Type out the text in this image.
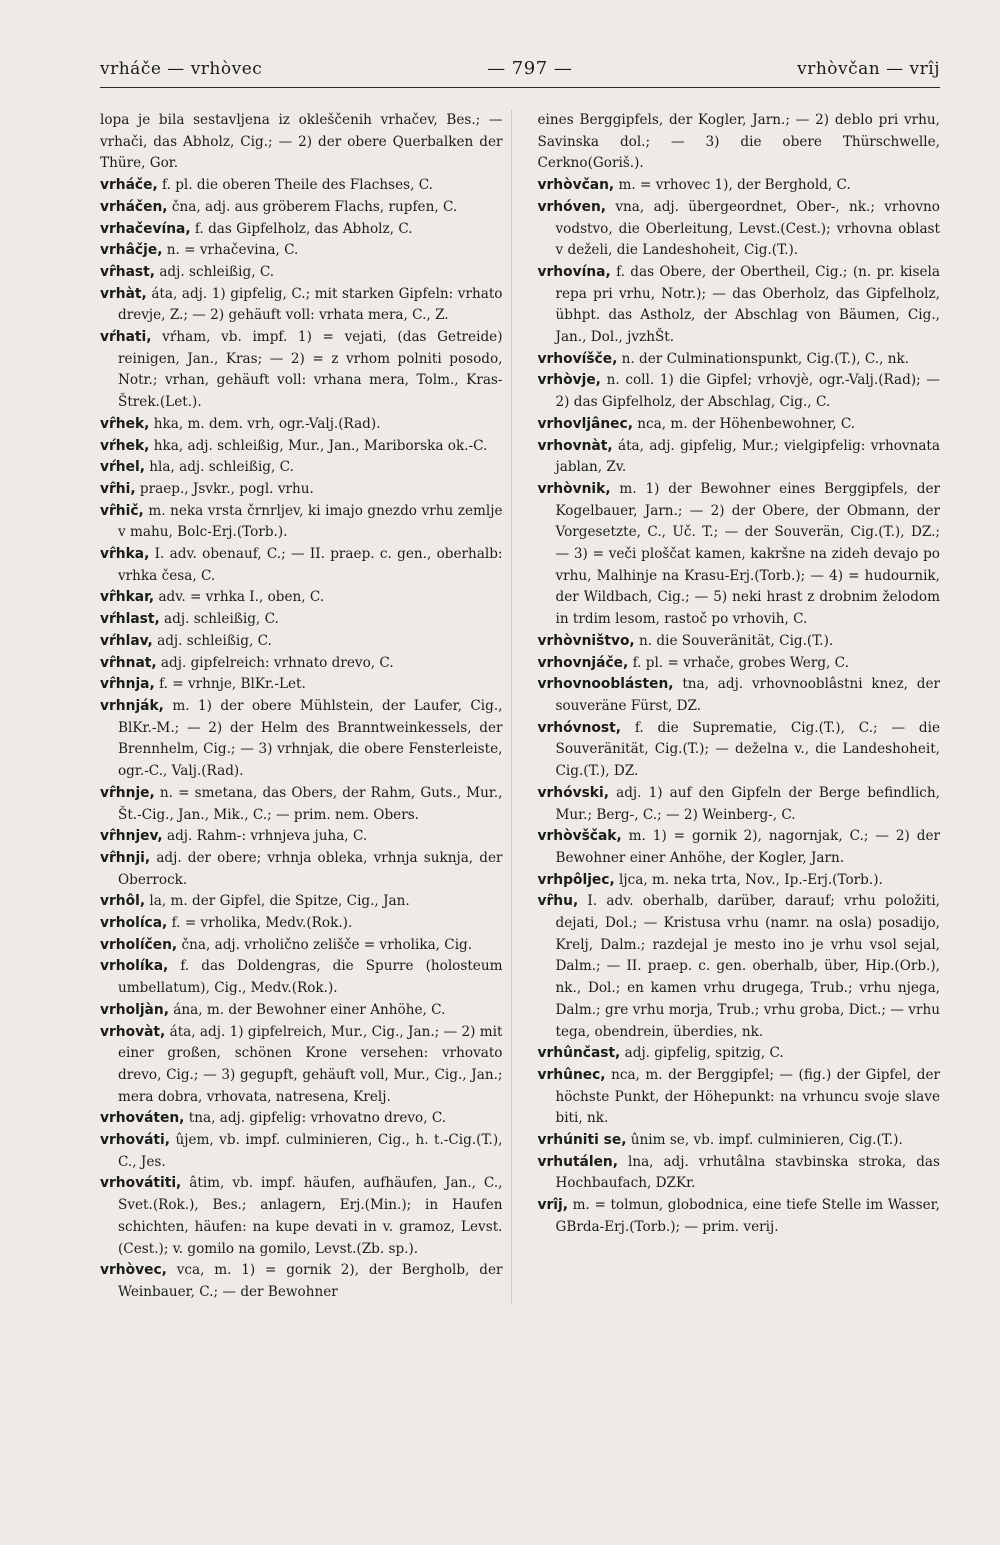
vrháče — vrhòvec	— 797 —	vrhòvčan — vrîj

lopa je bila sestavljena iz okleščenih vrhačev, Bes.; — vrhači, das Abholz, Cig.; — 2) der obere Querbalken der Thüre, Gor.

vrháče, f. pl. die oberen Theile des Flachses, C.

vrháčen, čna, adj. aus gröberem Flachs, rupfen, C.

vrhačevína, f. das Gipfelholz, das Abholz, C.

vrhâčje, n. = vrhačevina, C.

vr̂hast, adj. schleißig, C.

vrhàt, áta, adj. 1) gipfelig, C.; mit starken Gipfeln: vrhato drevje, Z.; — 2) gehäuft voll: vrhata mera, C., Z.

vŕhati, vŕham, vb. impf. 1) = vejati, (das Getreide) reinigen, Jan., Kras; — 2) = z vrhom polniti posodo, Notr.; vrhan, gehäuft voll: vrhana mera, Tolm., Kras-Štrek.(Let.).

vr̂hek, hka, m. dem. vrh, ogr.-Valj.(Rad).

vŕhek, hka, adj. schleißig, Mur., Jan., Mariborska ok.-C.

vŕhel, hla, adj. schleißig, C.

vr̂hi, praep., Jsvkr., pogl. vrhu.

vr̂hič, m. neka vrsta črnrljev, ki imajo gnezdo vrhu zemlje v mahu, Bolc-Erj.(Torb.).

vr̂hka, I. adv. obenauf, C.; — II. praep. c. gen., oberhalb: vrhka česa, C.

vr̂hkar, adv. = vrhka I., oben, C.

vŕhlast, adj. schleißig, C.

vŕhlav, adj. schleißig, C.

vr̂hnat, adj. gipfelreich: vrhnato drevo, C.

vr̂hnja, f. = vrhnje, BlKr.-Let.

vrhnják, m. 1) der obere Mühlstein, der Laufer, Cig., BlKr.-M.; — 2) der Helm des Branntweinkessels, der Brennhelm, Cig.; — 3) vrhnjak, die obere Fensterleiste, ogr.-C., Valj.(Rad).

vr̂hnje, n. = smetana, das Obers, der Rahm, Guts., Mur., Št.-Cig., Jan., Mik., C.; — prim. nem. Obers.

vr̂hnjev, adj. Rahm-: vrhnjeva juha, C.

vr̂hnji, adj. der obere; vrhnja obleka, vrhnja suknja, der Oberrock.

vrhôl, la, m. der Gipfel, die Spitze, Cig., Jan.

vrholíca, f. = vrholika, Medv.(Rok.).

vrholíčen, čna, adj. vrholično zelišče = vrholika, Cig.

vrholíka, f. das Doldengras, die Spurre (holosteum umbellatum), Cig., Medv.(Rok.).

vrholjàn, ána, m. der Bewohner einer Anhöhe, C.

vrhovàt, áta, adj. 1) gipfelreich, Mur., Cig., Jan.; — 2) mit einer großen, schönen Krone versehen: vrhovato drevo, Cig.; — 3) gegupft, gehäuft voll, Mur., Cig., Jan.; mera dobra, vrhovata, natresena, Krelj.

vrhováten, tna, adj. gipfelig: vrhovatno drevo, C.

vrhováti, ûjem, vb. impf. culminieren, Cig., h. t.-Cig.(T.), C., Jes.

vrhovátiti, âtim, vb. impf. häufen, aufhäufen, Jan., C., Svet.(Rok.), Bes.; anlagern, Erj.(Min.); in Haufen schichten, häufen: na kupe devati in v. gramoz, Levst.(Cest.); v. gomilo na gomilo, Levst.(Zb. sp.).

vrhòvec, vca, m. 1) = gornik 2), der Bergholb, der Weinbauer, C.; — der Bewohner

eines Berggipfels, der Kogler, Jarn.; — 2) deblo pri vrhu, Savinska dol.; — 3) die obere Thürschwelle, Cerkno(Goriš.).

vrhòvčan, m. = vrhovec 1), der Berghold, C.

vrhóven, vna, adj. übergeordnet, Ober-, nk.; vrhovno vodstvo, die Oberleitung, Levst.(Cest.); vrhovna oblast v deželi, die Landeshoheit, Cig.(T.).

vrhovína, f. das Obere, der Obertheil, Cig.; (n. pr. kisela repa pri vrhu, Notr.); — das Oberholz, das Gipfelholz, übhpt. das Astholz, der Abschlag von Bäumen, Cig., Jan., Dol., jvzhŠt.

vrhovíšče, n. der Culminationspunkt, Cig.(T.), C., nk.

vrhòvje, n. coll. 1) die Gipfel; vrhovjè, ogr.-Valj.(Rad); — 2) das Gipfelholz, der Abschlag, Cig., C.

vrhovljânec, nca, m. der Höhenbewohner, C.

vrhovnàt, áta, adj. gipfelig, Mur.; vielgipfelig: vrhovnata jablan, Zv.

vrhòvnik, m. 1) der Bewohner eines Berggipfels, der Kogelbauer, Jarn.; — 2) der Obere, der Obmann, der Vorgesetzte, C., Uč. T.; — der Souverän, Cig.(T.), DZ.; — 3) = veči ploščat kamen, kakršne na zideh devajo po vrhu, Malhinje na Krasu-Erj.(Torb.); — 4) = hudournik, der Wildbach, Cig.; — 5) neki hrast z drobnim želodom in trdim lesom, rastoč po vrhovih, C.

vrhòvništvo, n. die Souveränität, Cig.(T.).

vrhovnjáče, f. pl. = vrhače, grobes Werg, C.

vrhovnooblásten, tna, adj. vrhovnooblâstni knez, der souveräne Fürst, DZ.

vrhóvnost, f. die Suprematie, Cig.(T.), C.; — die Souveränität, Cig.(T.); — deželna v., die Landeshoheit, Cig.(T.), DZ.

vrhóvski, adj. 1) auf den Gipfeln der Berge befindlich, Mur.; Berg-, C.; — 2) Weinberg-, C.

vrhòvščak, m. 1) = gornik 2), nagornjak, C.; — 2) der Bewohner einer Anhöhe, der Kogler, Jarn.

vrhpôljec, ljca, m. neka trta, Nov., Ip.-Erj.(Torb.).

vr̂hu, I. adv. oberhalb, darüber, darauf; vrhu položiti, dejati, Dol.; — Kristusa vrhu (namr. na osla) posadijo, Krelj, Dalm.; razdejal je mesto ino je vrhu vsol sejal, Dalm.; — II. praep. c. gen. oberhalb, über, Hip.(Orb.), nk., Dol.; en kamen vrhu drugega, Trub.; vrhu njega, Dalm.; gre vrhu morja, Trub.; vrhu groba, Dict.; — vrhu tega, obendrein, überdies, nk.

vrhûnčast, adj. gipfelig, spitzig, C.

vrhûnec, nca, m. der Berggipfel; — (fig.) der Gipfel, der höchste Punkt, der Höhepunkt: na vrhuncu svoje slave biti, nk.

vrhúniti se, ûnim se, vb. impf. culminieren, Cig.(T.).

vrhutálen, lna, adj. vrhutâlna stavbinska stroka, das Hochbaufach, DZKr.

vrîj, m. = tolmun, globodnica, eine tiefe Stelle im Wasser, GBrda-Erj.(Torb.); — prim. verij.
